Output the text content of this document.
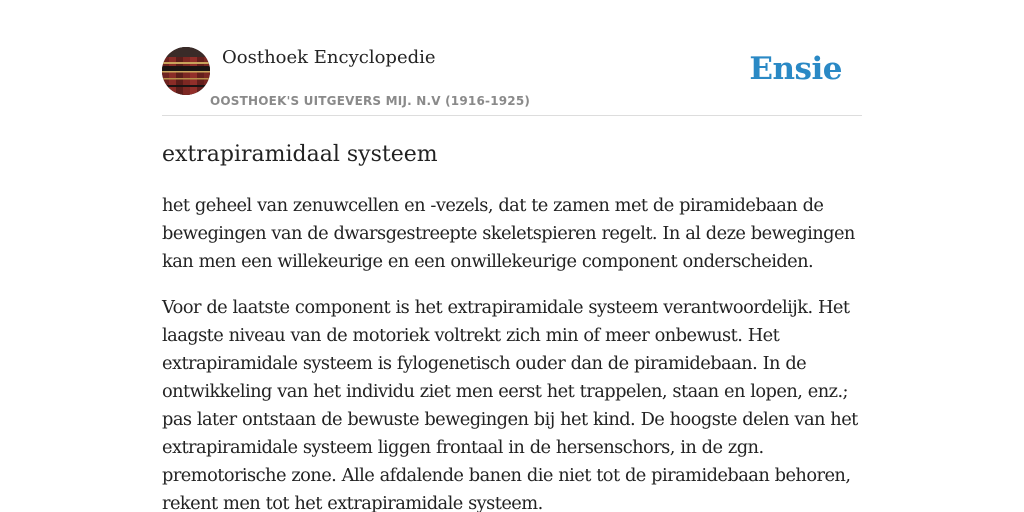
Oosthoek Encyclopedie
OOSTHOEK'S UITGEVERS MIJ. N.V (1916-1925)
Ensie
extrapiramidaal systeem

het geheel van zenuwcellen en -vezels, dat te zamen met de piramidebaan de bewegingen van de dwarsgestreepte skeletspieren regelt. In al deze bewegingen kan men een willekeurige en een onwillekeurige component onderscheiden.

Voor de laatste component is het extrapiramidale systeem verantwoordelijk. Het laagste niveau van de motoriek voltrekt zich min of meer onbewust. Het extrapiramidale systeem is fylogenetisch ouder dan de piramidebaan. In de ontwikkeling van het individu ziet men eerst het trappelen, staan en lopen, enz.; pas later ontstaan de bewuste bewegingen bij het kind. De hoogste delen van het extrapiramidale systeem liggen frontaal in de hersenschors, in de zgn. premotorische zone. Alle afdalende banen die niet tot de piramidebaan behoren, rekent men tot het extrapiramidale systeem.
